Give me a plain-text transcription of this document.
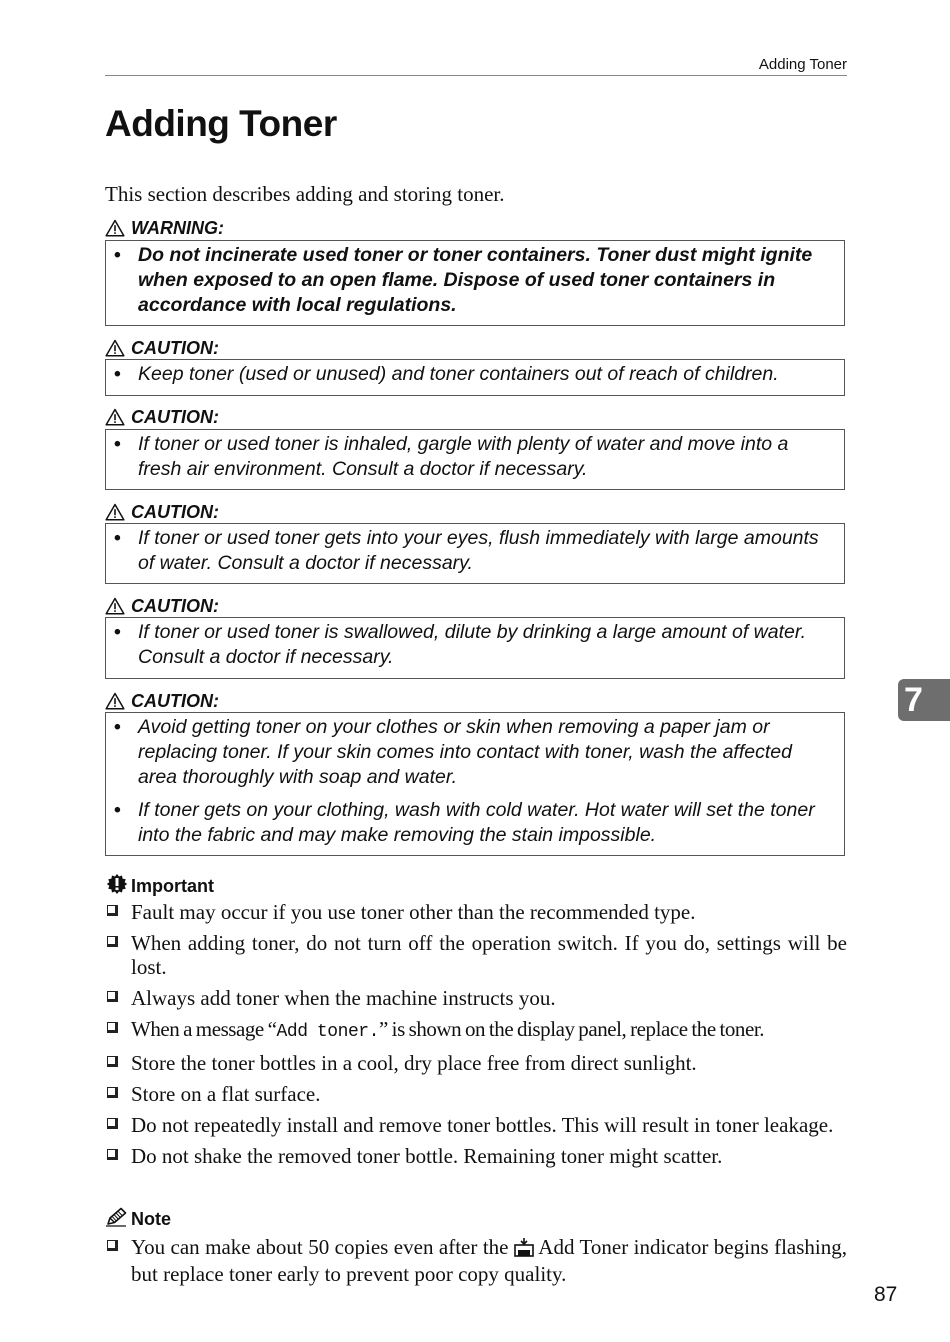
Adding Toner
Adding Toner

This section describes adding and storing toner.

WARNING:
• Do not incinerate used toner or toner containers. Toner dust might ignite when exposed to an open flame. Dispose of used toner containers in accordance with local regulations.
CAUTION:
• Keep toner (used or unused) and toner containers out of reach of children.
CAUTION:
• If toner or used toner is inhaled, gargle with plenty of water and move into a fresh air environment. Consult a doctor if necessary.
CAUTION:
• If toner or used toner gets into your eyes, flush immediately with large amounts of water. Consult a doctor if necessary.
CAUTION:
• If toner or used toner is swallowed, dilute by drinking a large amount of water. Consult a doctor if necessary.
CAUTION:
• Avoid getting toner on your clothes or skin when removing a paper jam or replacing toner. If your skin comes into contact with toner, wash the affected area thoroughly with soap and water.
• If toner gets on your clothing, wash with cold water. Hot water will set the toner into the fabric and may make removing the stain impossible.
Important
Fault may occur if you use toner other than the recommended type.
When adding toner, do not turn off the operation switch. If you do, settings will be lost.
Always add toner when the machine instructs you.
When a message “Add toner.” is shown on the display panel, replace the toner.
Store the toner bottles in a cool, dry place free from direct sunlight.
Store on a flat surface.
Do not repeatedly install and remove toner bottles. This will result in toner leakage.
Do not shake the removed toner bottle. Remaining toner might scatter.
Note
You can make about 50 copies even after the Add Toner indicator begins flashing, but replace toner early to prevent poor copy quality.
7
87
